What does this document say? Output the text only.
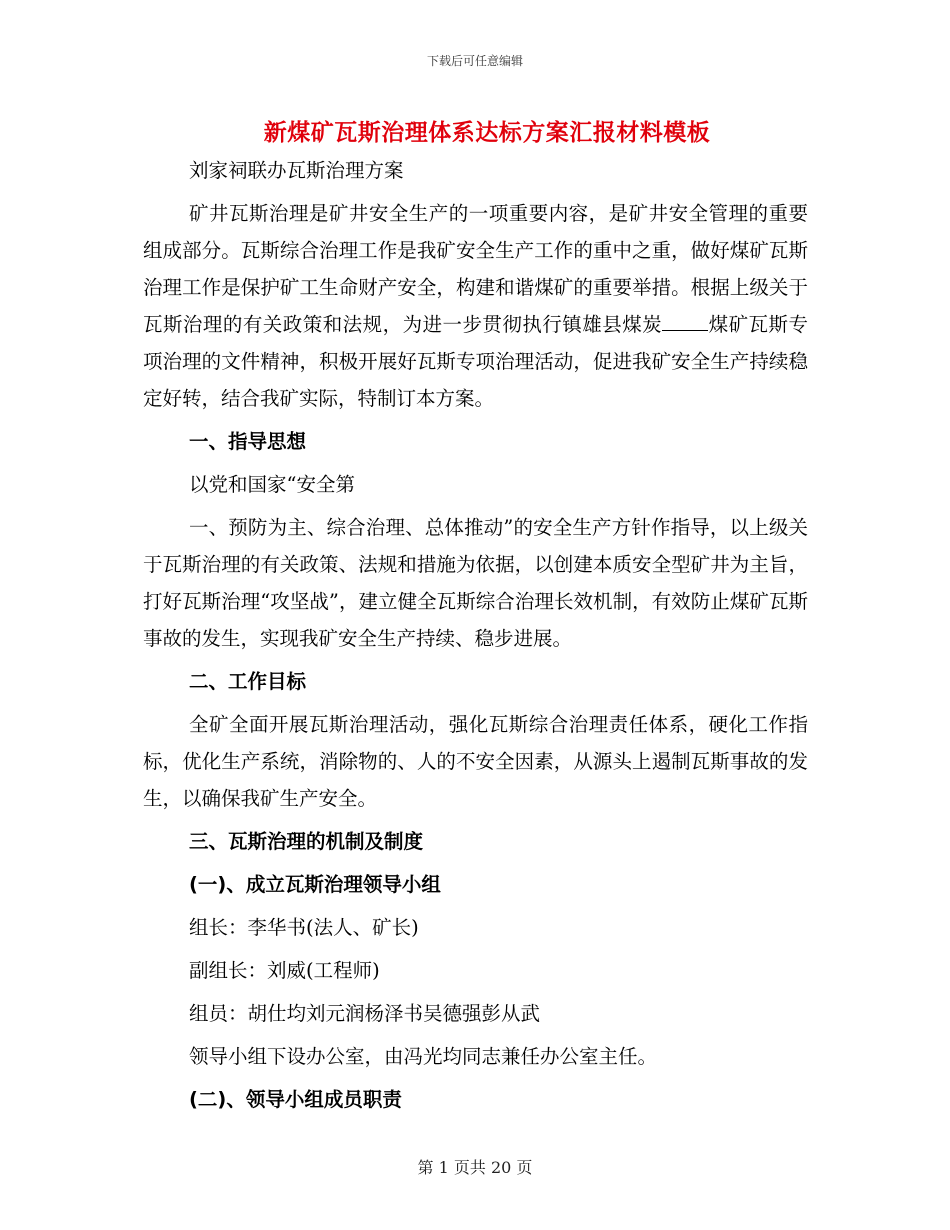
下载后可任意编辑
新煤矿瓦斯治理体系达标方案汇报材料模板

刘家祠联办瓦斯治理方案

矿井瓦斯治理是矿井安全生产的一项重要内容，是矿井安全管理的重要组成部分。瓦斯综合治理工作是我矿安全生产工作的重中之重，做好煤矿瓦斯治理工作是保护矿工生命财产安全，构建和谐煤矿的重要举措。根据上级关于瓦斯治理的有关政策和法规，为进一步贯彻执行镇雄县煤炭 煤矿瓦斯专项治理的文件精神，积极开展好瓦斯专项治理活动，促进我矿安全生产持续稳定好转，结合我矿实际，特制订本方案。

一、指导思想

以党和国家“安全第

一、预防为主、综合治理、总体推动”的安全生产方针作指导，以上级关于瓦斯治理的有关政策、法规和措施为依据，以创建本质安全型矿井为主旨，打好瓦斯治理“攻坚战”，建立健全瓦斯综合治理长效机制，有效防止煤矿瓦斯事故的发生，实现我矿安全生产持续、稳步进展。

二、工作目标

全矿全面开展瓦斯治理活动，强化瓦斯综合治理责任体系，硬化工作指标，优化生产系统，消除物的、人的不安全因素，从源头上遏制瓦斯事故的发生，以确保我矿生产安全。

三、瓦斯治理的机制及制度

(一)、成立瓦斯治理领导小组

组长：李华书(法人、矿长)

副组长：刘威(工程师)

组员：胡仕均刘元润杨泽书吴德强彭从武

领导小组下设办公室，由冯光均同志兼任办公室主任。

(二)、领导小组成员职责

第 1 页共 20 页
